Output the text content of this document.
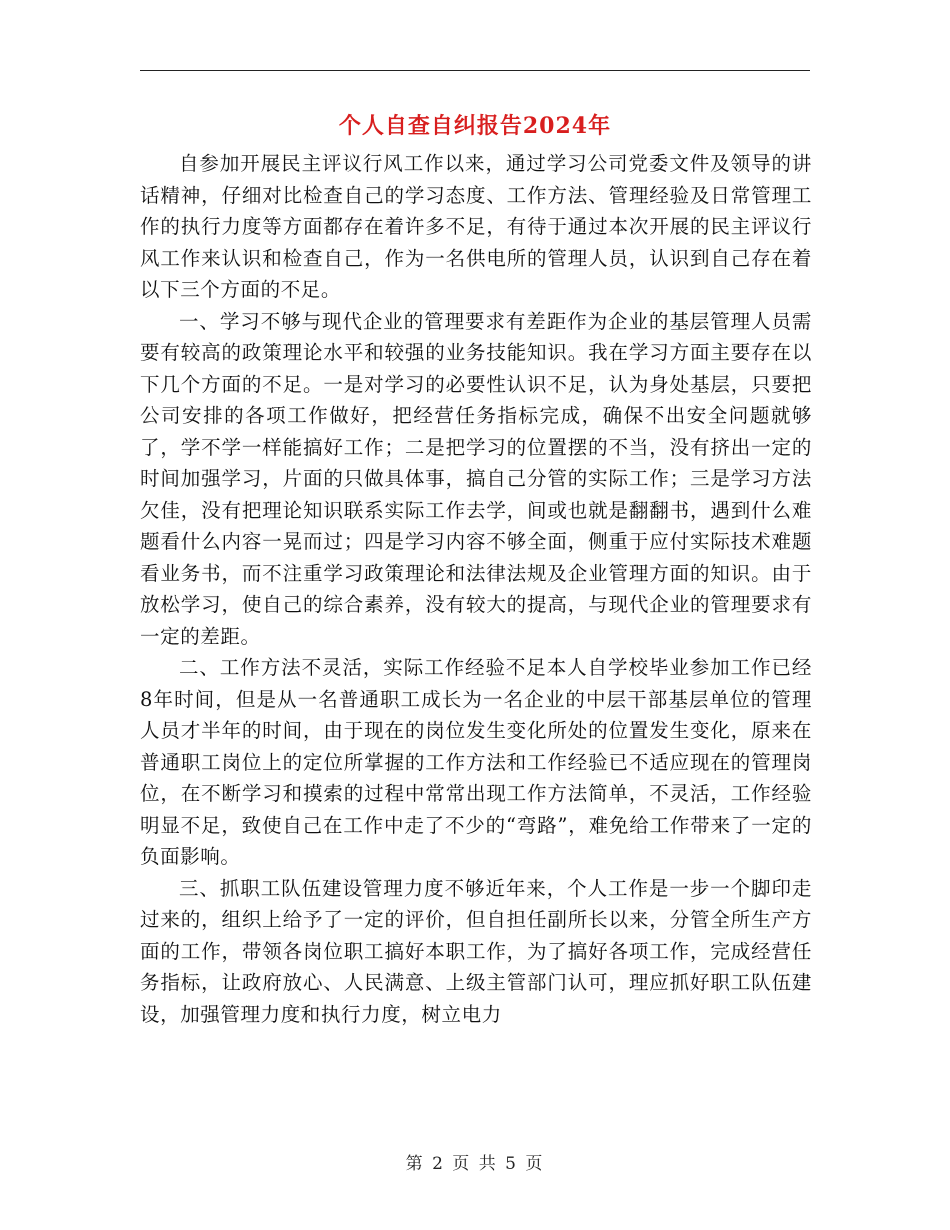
个人自查自纠报告2024年

自参加开展民主评议行风工作以来，通过学习公司党委文件及领导的讲话精神，仔细对比检查自己的学习态度、工作方法、管理经验及日常管理工作的执行力度等方面都存在着许多不足，有待于通过本次开展的民主评议行风工作来认识和检查自己，作为一名供电所的管理人员，认识到自己存在着以下三个方面的不足。

一、学习不够与现代企业的管理要求有差距作为企业的基层管理人员需要有较高的政策理论水平和较强的业务技能知识。我在学习方面主要存在以下几个方面的不足。一是对学习的必要性认识不足，认为身处基层，只要把公司安排的各项工作做好，把经营任务指标完成，确保不出安全问题就够了，学不学一样能搞好工作；二是把学习的位置摆的不当，没有挤出一定的时间加强学习，片面的只做具体事，搞自己分管的实际工作；三是学习方法欠佳，没有把理论知识联系实际工作去学，间或也就是翻翻书，遇到什么难题看什么内容一晃而过；四是学习内容不够全面，侧重于应付实际技术难题看业务书，而不注重学习政策理论和法律法规及企业管理方面的知识。由于放松学习，使自己的综合素养，没有较大的提高，与现代企业的管理要求有一定的差距。

二、工作方法不灵活，实际工作经验不足本人自学校毕业参加工作已经8年时间，但是从一名普通职工成长为一名企业的中层干部基层单位的管理人员才半年的时间，由于现在的岗位发生变化所处的位置发生变化，原来在普通职工岗位上的定位所掌握的工作方法和工作经验已不适应现在的管理岗位，在不断学习和摸索的过程中常常出现工作方法简单，不灵活，工作经验明显不足，致使自己在工作中走了不少的“弯路”，难免给工作带来了一定的负面影响。

三、抓职工队伍建设管理力度不够近年来，个人工作是一步一个脚印走过来的，组织上给予了一定的评价，但自担任副所长以来，分管全所生产方面的工作，带领各岗位职工搞好本职工作，为了搞好各项工作，完成经营任务指标，让政府放心、人民满意、上级主管部门认可，理应抓好职工队伍建设，加强管理力度和执行力度，树立电力

第 2 页 共 5 页
